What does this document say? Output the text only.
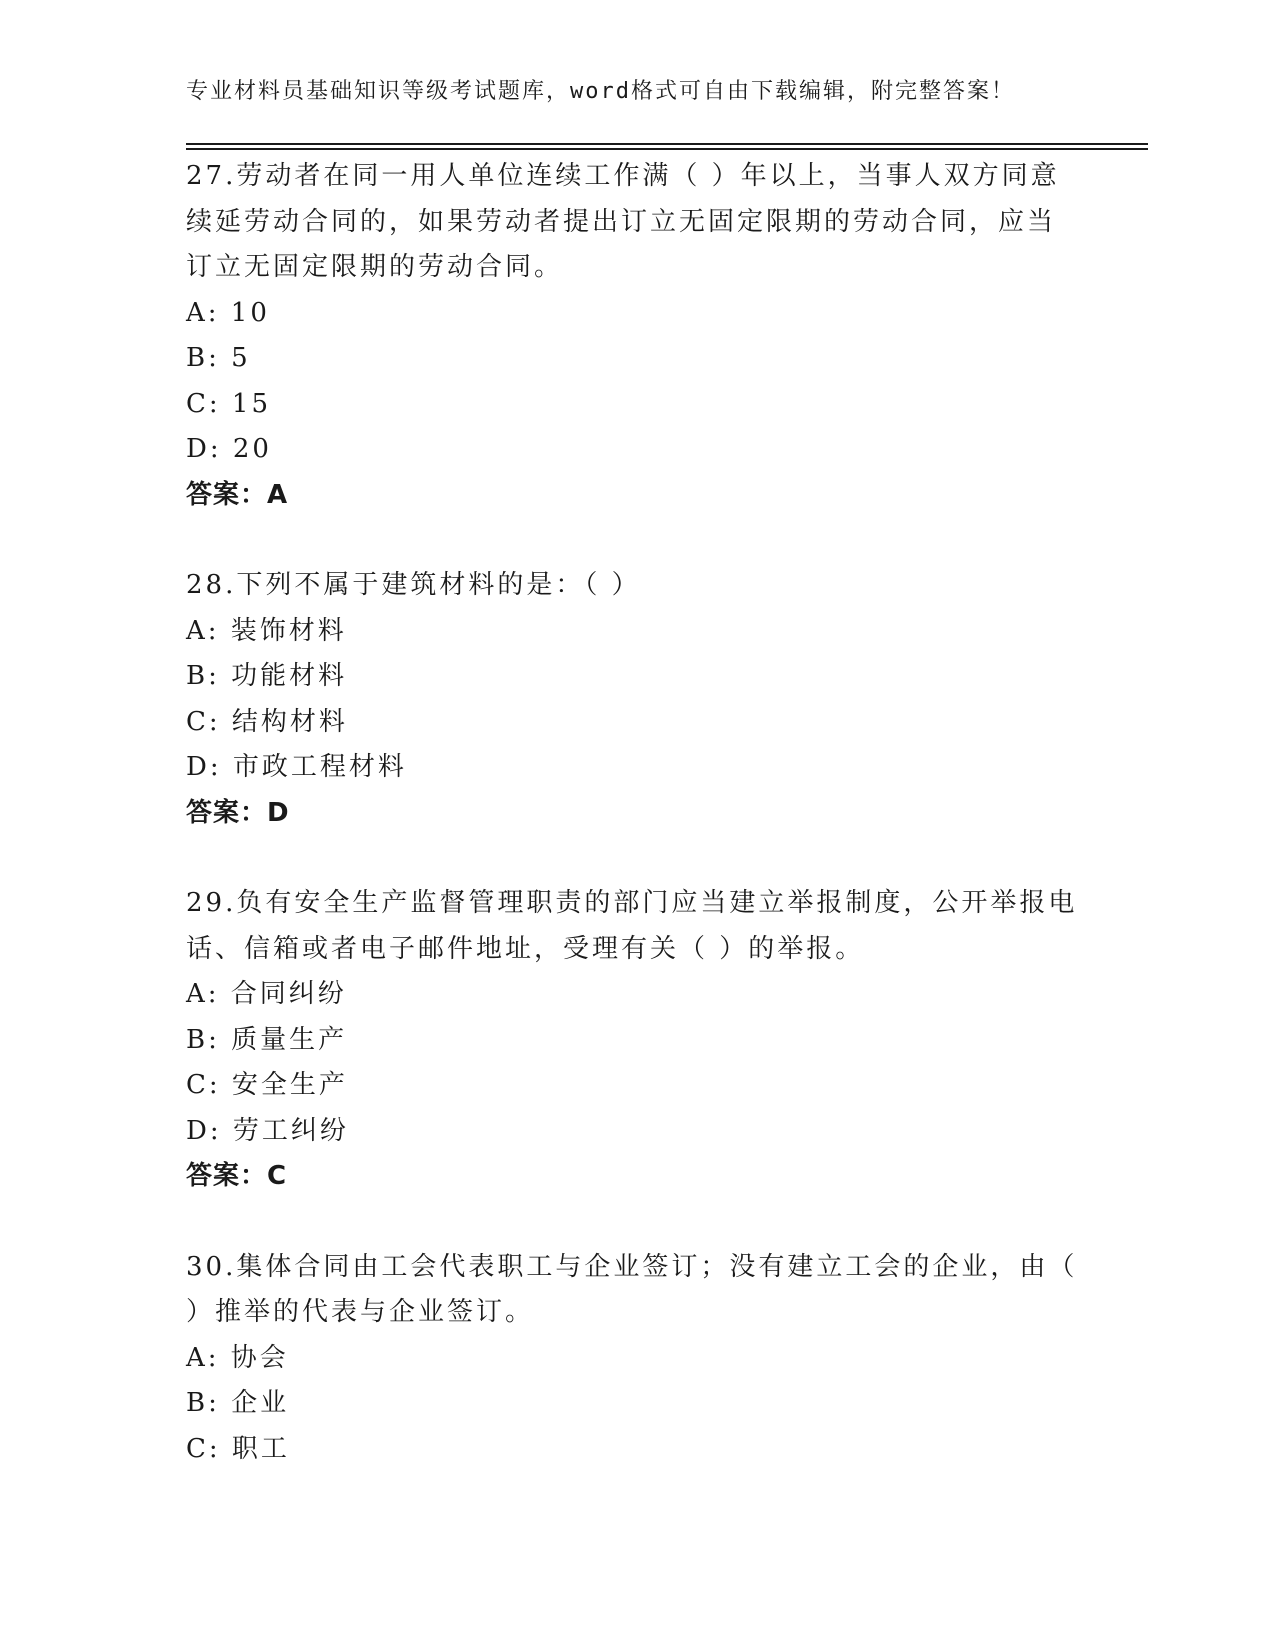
专业材料员基础知识等级考试题库，word格式可自由下载编辑，附完整答案！

27.劳动者在同一用人单位连续工作满（ ）年以上，当事人双方同意

续延劳动合同的，如果劳动者提出订立无固定限期的劳动合同，应当

订立无固定限期的劳动合同。

A: 10

B: 5

C: 15

D: 20

答案：A

28.下列不属于建筑材料的是：（ ）

A: 装饰材料

B: 功能材料

C: 结构材料

D: 市政工程材料

答案：D

29.负有安全生产监督管理职责的部门应当建立举报制度，公开举报电

话、信箱或者电子邮件地址，受理有关（ ）的举报。

A: 合同纠纷

B: 质量生产

C: 安全生产

D: 劳工纠纷

答案：C

30.集体合同由工会代表职工与企业签订；没有建立工会的企业，由（

）推举的代表与企业签订。

A: 协会

B: 企业

C: 职工
